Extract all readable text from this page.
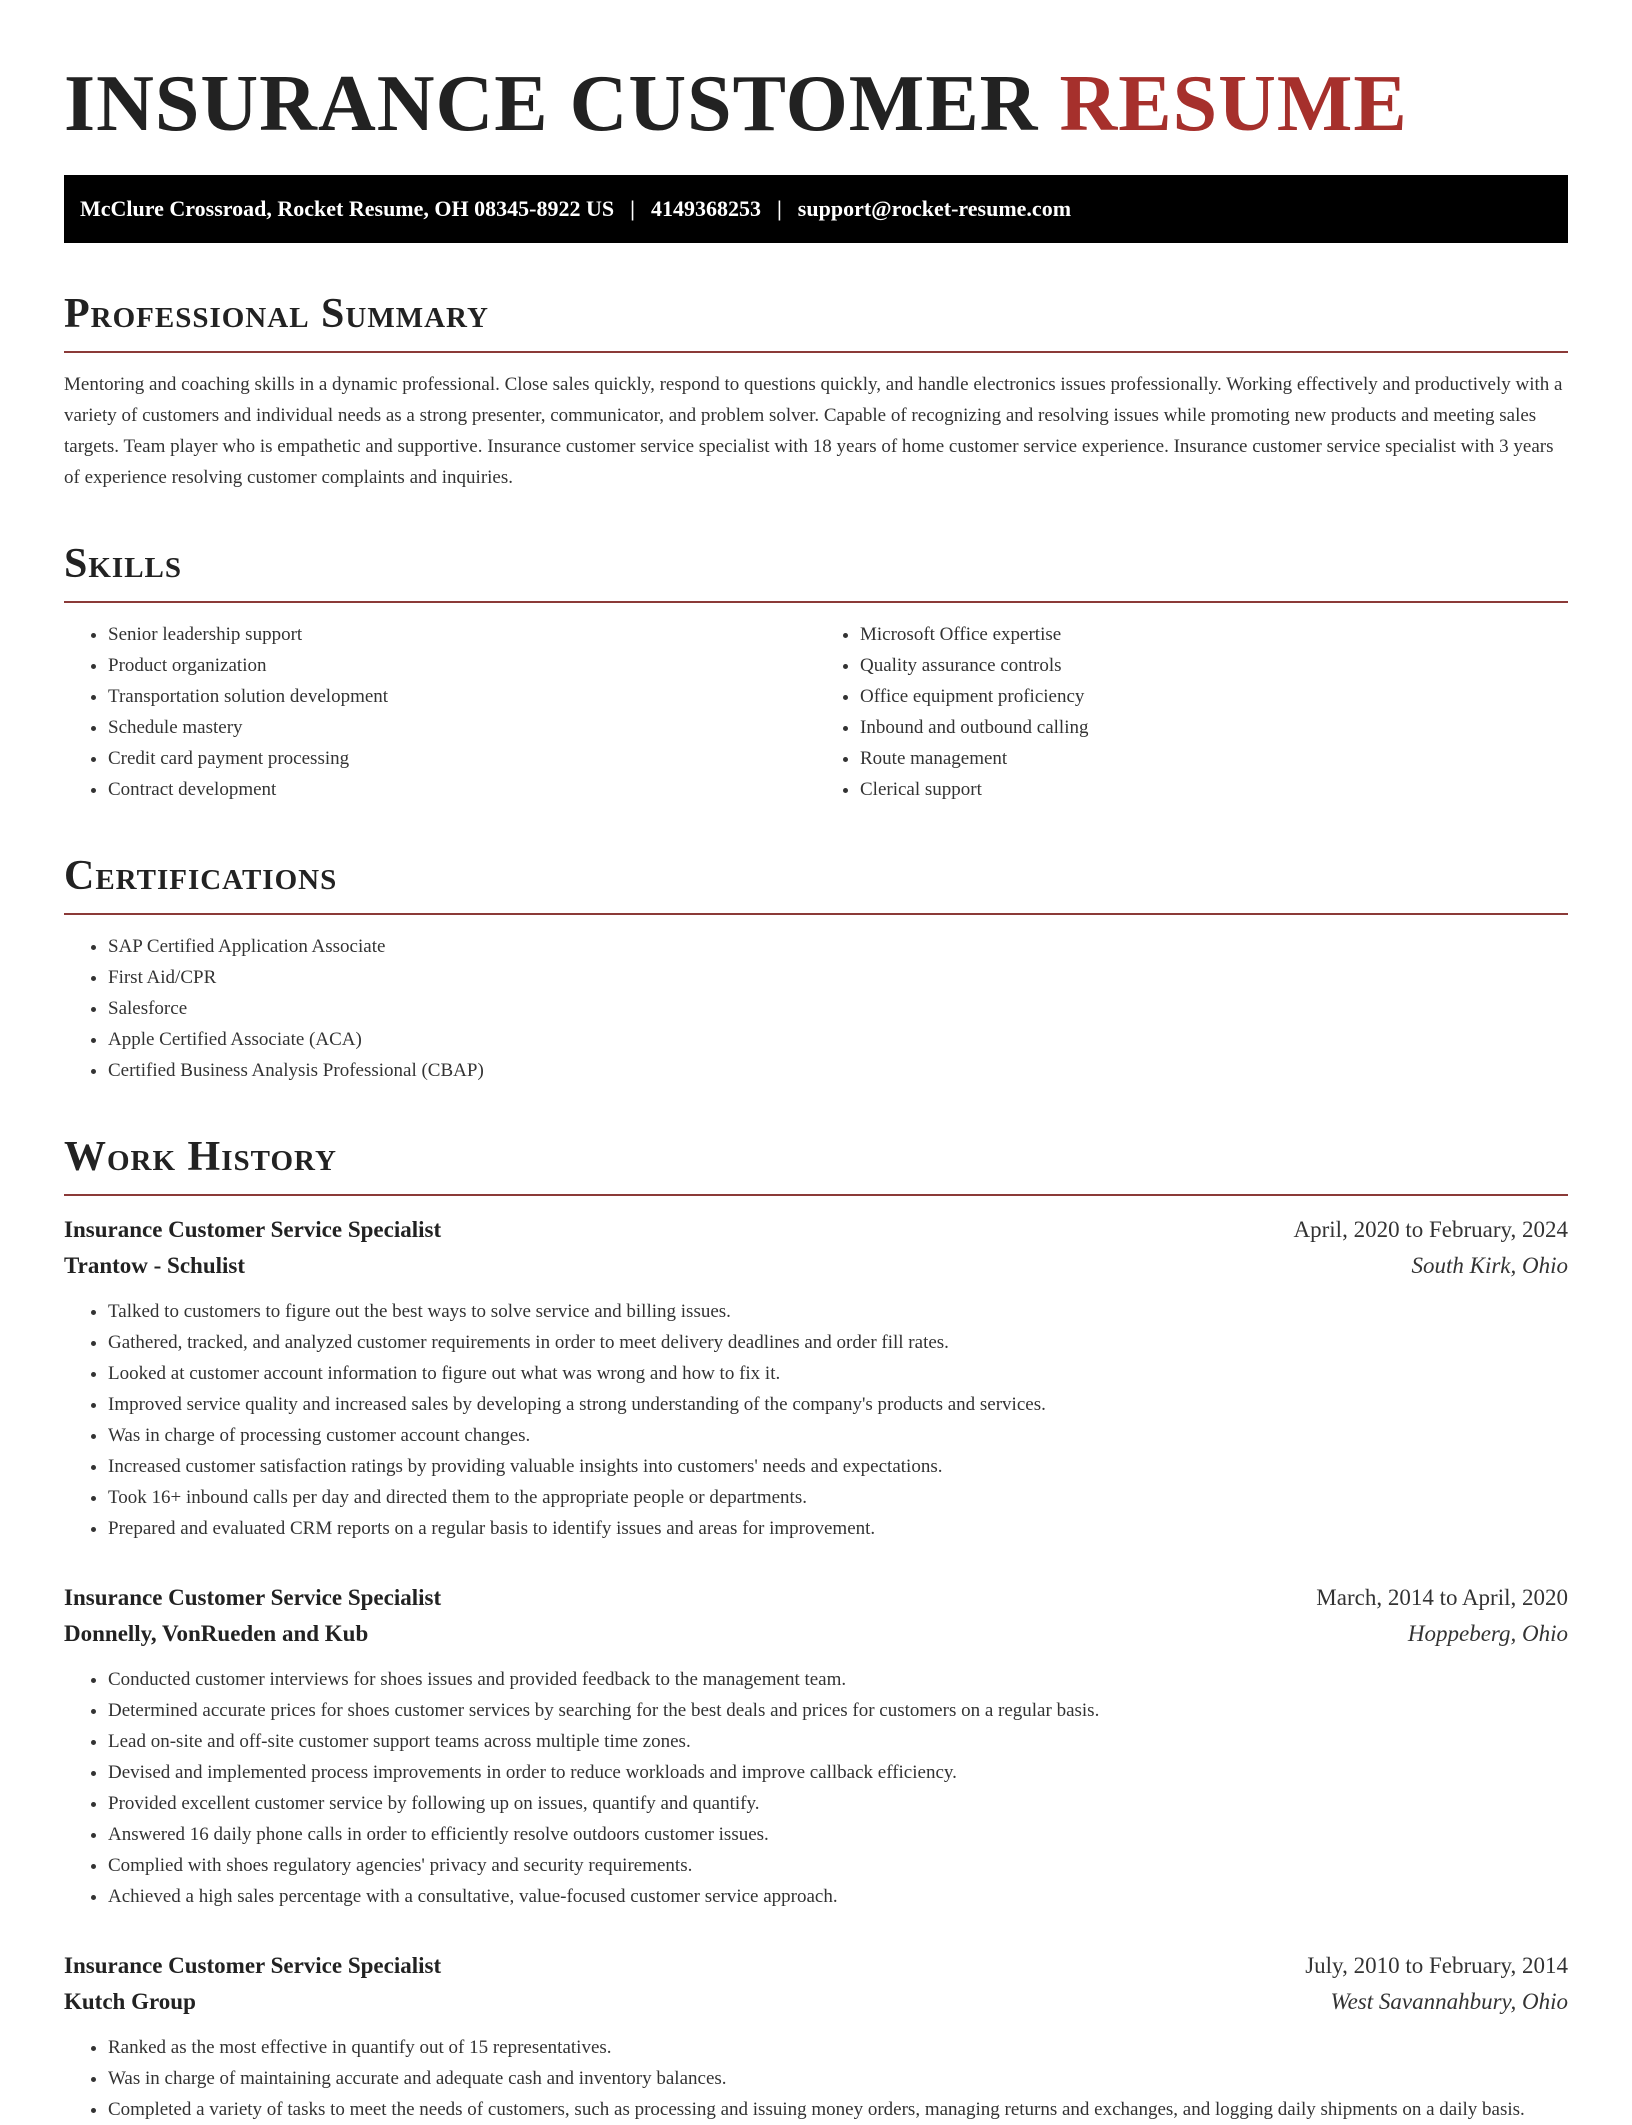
INSURANCE CUSTOMER RESUME
McClure Crossroad, Rocket Resume, OH 08345-8922 US | 4149368253 | support@rocket-resume.com
Professional Summary

Mentoring and coaching skills in a dynamic professional. Close sales quickly, respond to questions quickly, and handle electronics issues professionally. Working effectively and productively with a variety of customers and individual needs as a strong presenter, communicator, and problem solver. Capable of recognizing and resolving issues while promoting new products and meeting sales targets. Team player who is empathetic and supportive. Insurance customer service specialist with 18 years of home customer service experience. Insurance customer service specialist with 3 years of experience resolving customer complaints and inquiries.

Skills
• Senior leadership support
• Product organization
• Transportation solution development
• Schedule mastery
• Credit card payment processing
• Contract development
• Microsoft Office expertise
• Quality assurance controls
• Office equipment proficiency
• Inbound and outbound calling
• Route management
• Clerical support
Certifications
• SAP Certified Application Associate
• First Aid/CPR
• Salesforce
• Apple Certified Associate (ACA)
• Certified Business Analysis Professional (CBAP)
Work History
Insurance Customer Service Specialist	April, 2020 to February, 2024
Trantow - Schulist	South Kirk, Ohio
• Talked to customers to figure out the best ways to solve service and billing issues.
• Gathered, tracked, and analyzed customer requirements in order to meet delivery deadlines and order fill rates.
• Looked at customer account information to figure out what was wrong and how to fix it.
• Improved service quality and increased sales by developing a strong understanding of the company's products and services.
• Was in charge of processing customer account changes.
• Increased customer satisfaction ratings by providing valuable insights into customers' needs and expectations.
• Took 16+ inbound calls per day and directed them to the appropriate people or departments.
• Prepared and evaluated CRM reports on a regular basis to identify issues and areas for improvement.
Insurance Customer Service Specialist	March, 2014 to April, 2020
Donnelly, VonRueden and Kub	Hoppeberg, Ohio
• Conducted customer interviews for shoes issues and provided feedback to the management team.
• Determined accurate prices for shoes customer services by searching for the best deals and prices for customers on a regular basis.
• Lead on-site and off-site customer support teams across multiple time zones.
• Devised and implemented process improvements in order to reduce workloads and improve callback efficiency.
• Provided excellent customer service by following up on issues, quantify and quantify.
• Answered 16 daily phone calls in order to efficiently resolve outdoors customer issues.
• Complied with shoes regulatory agencies' privacy and security requirements.
• Achieved a high sales percentage with a consultative, value-focused customer service approach.
Insurance Customer Service Specialist	July, 2010 to February, 2014
Kutch Group	West Savannahbury, Ohio
• Ranked as the most effective in quantify out of 15 representatives.
• Was in charge of maintaining accurate and adequate cash and inventory balances.
• Completed a variety of tasks to meet the needs of customers, such as processing and issuing money orders, managing returns and exchanges, and logging daily shipments on a daily basis.
